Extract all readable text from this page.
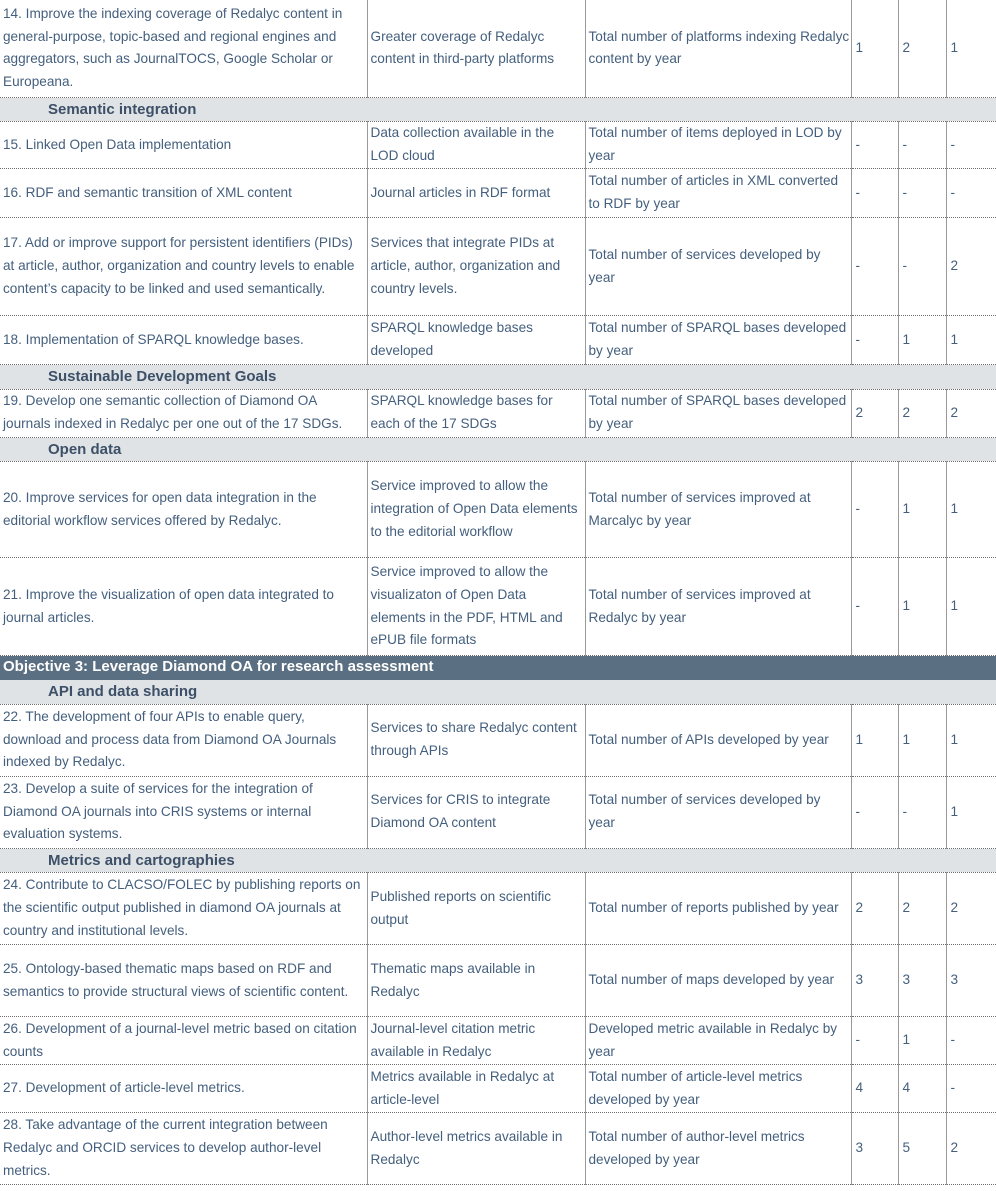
14. Improve the indexing coverage of Redalyc content in general-purpose, topic-based and regional engines and aggregators, such as JournalTOCS, Google Scholar or Europeana.	Greater coverage of Redalyc content in third-party platforms	Total number of platforms indexing Redalyc content by year	1	2	1
Semantic integration					
15. Linked Open Data implementation	Data collection available in the LOD cloud	Total number of items deployed in LOD by year	-	-	-
16. RDF and semantic transition of XML content	Journal articles in RDF format	Total number of articles in XML converted to RDF by year	-	-	-
17. Add or improve support for persistent identifiers (PIDs) at article, author, organization and country levels to enable content’s capacity to be linked and used semantically.	Services that integrate PIDs at article, author, organization and country levels.	Total number of services developed by year	-	-	2
18. Implementation of SPARQL knowledge bases.	SPARQL knowledge bases developed	Total number of SPARQL bases developed by year	-	1	1
Sustainable Development Goals					
19. Develop one semantic collection of Diamond OA journals indexed in Redalyc per one out of the 17 SDGs.	SPARQL knowledge bases for each of the 17 SDGs	Total number of SPARQL bases developed by year	2	2	2
Open data					
20. Improve services for open data integration in the editorial workflow services offered by Redalyc.	Service improved to allow the integration of Open Data elements to the editorial workflow	Total number of services improved at Marcalyc by year	-	1	1
21. Improve the visualization of open data integrated to journal articles.	Service improved to allow the visualizaton of Open Data elements in the PDF, HTML and ePUB file formats	Total number of services improved at Redalyc by year	-	1	1
Objective 3: Leverage Diamond OA for research assessment					
API and data sharing					
22. The development of four APIs to enable query, download and process data from Diamond OA Journals indexed by Redalyc.	Services to share Redalyc content through APIs	Total number of APIs developed by year	1	1	1
23. Develop a suite of services for the integration of Diamond OA journals into CRIS systems or internal evaluation systems.	Services for CRIS to integrate Diamond OA content	Total number of services developed by year	-	-	1
Metrics and cartographies					
24. Contribute to CLACSO/FOLEC by publishing reports on the scientific output published in diamond OA journals at country and institutional levels.	Published reports on scientific output	Total number of reports published by year	2	2	2
25. Ontology-based thematic maps based on RDF and semantics to provide structural views of scientific content.	Thematic maps available in Redalyc	Total number of maps developed by year	3	3	3
26. Development of a journal-level metric based on citation counts	Journal-level citation metric available in Redalyc	Developed metric available in Redalyc by year	-	1	-
27. Development of article-level metrics.	Metrics available in Redalyc at article-level	Total number of article-level metrics developed by year	4	4	-
28. Take advantage of the current integration between Redalyc and ORCID services to develop author-level metrics.	Author-level metrics available in Redalyc	Total number of author-level metrics developed by year	3	5	2
